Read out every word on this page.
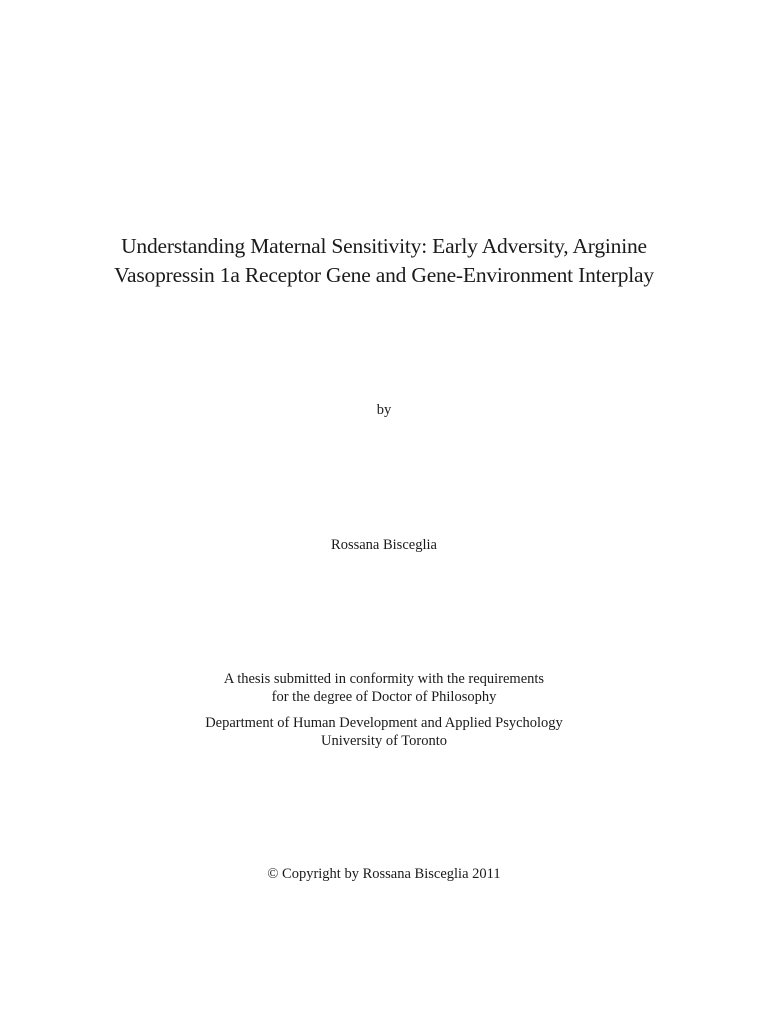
Understanding Maternal Sensitivity: Early Adversity, Arginine
Vasopressin 1a Receptor Gene and Gene-Environment Interplay
by
Rossana Bisceglia
A thesis submitted in conformity with the requirements
for the degree of Doctor of Philosophy
Department of Human Development and Applied Psychology
University of Toronto
© Copyright by Rossana Bisceglia 2011
